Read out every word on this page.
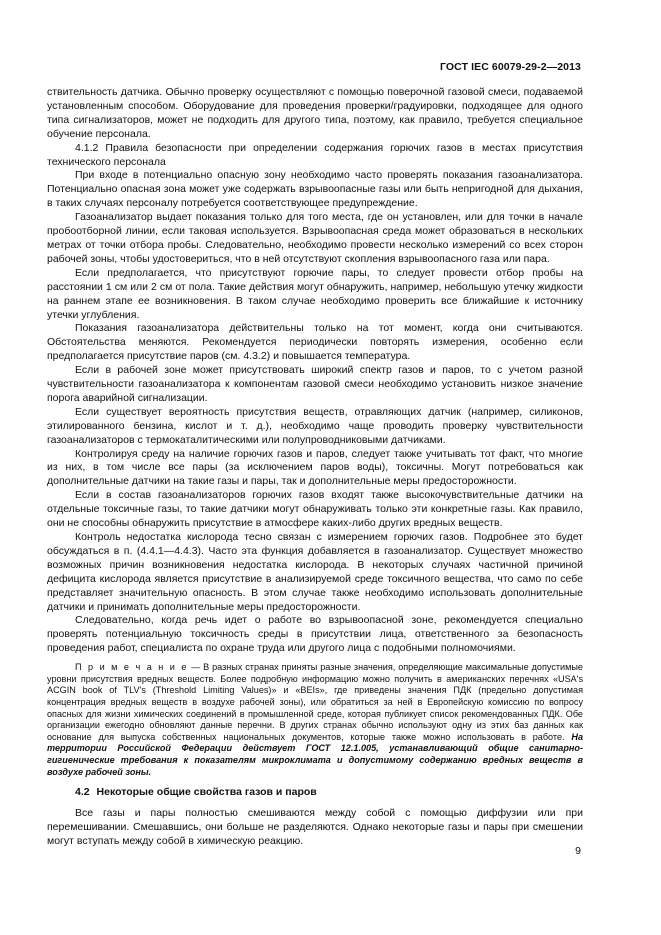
ГОСТ IEC 60079-29-2—2013

ствительность датчика. Обычно проверку осуществляют с помощью поверочной газовой смеси, подаваемой установленным способом. Оборудование для проведения проверки/градуировки, подходящее для одного типа сигнализаторов, может не подходить для другого типа, поэтому, как правило, требуется специальное обучение персонала.

4.1.2 Правила безопасности при определении содержания горючих газов в местах присутствия технического персонала

При входе в потенциально опасную зону необходимо часто проверять показания газоанализатора. Потенциально опасная зона может уже содержать взрывоопасные газы или быть непригодной для дыхания, в таких случаях персоналу потребуется соответствующее предупреждение.

Газоанализатор выдает показания только для того места, где он установлен, или для точки в начале пробоотборной линии, если таковая используется. Взрывоопасная среда может образоваться в нескольких метрах от точки отбора пробы. Следовательно, необходимо провести несколько измерений со всех сторон рабочей зоны, чтобы удостовериться, что в ней отсутствуют скопления взрывоопасного газа или пара.

Если предполагается, что присутствуют горючие пары, то следует провести отбор пробы на расстоянии 1 см или 2 см от пола. Такие действия могут обнаружить, например, небольшую утечку жидкости на раннем этапе ее возникновения. В таком случае необходимо проверить все ближайшие к источнику утечки углубления.

Показания газоанализатора действительны только на тот момент, когда они считываются. Обстоятельства меняются. Рекомендуется периодически повторять измерения, особенно если предполагается присутствие паров (см. 4.3.2) и повышается температура.

Если в рабочей зоне может присутствовать широкий спектр газов и паров, то с учетом разной чувствительности газоанализатора к компонентам газовой смеси необходимо установить низкое значение порога аварийной сигнализации.

Если существует вероятность присутствия веществ, отравляющих датчик (например, силиконов, этилированного бензина, кислот и т. д.), необходимо чаще проводить проверку чувствительности газоанализаторов с термокаталитическими или полупроводниковыми датчиками.

Контролируя среду на наличие горючих газов и паров, следует также учитывать тот факт, что многие из них, в том числе все пары (за исключением паров воды), токсичны. Могут потребоваться как дополнительные датчики на такие газы и пары, так и дополнительные меры предосторожности.

Если в состав газоанализаторов горючих газов входят также высокочувствительные датчики на отдельные токсичные газы, то такие датчики могут обнаруживать только эти конкретные газы. Как правило, они не способны обнаружить присутствие в атмосфере каких-либо других вредных веществ.

Контроль недостатка кислорода тесно связан с измерением горючих газов. Подробнее это будет обсуждаться в п. (4.4.1—4.4.3). Часто эта функция добавляется в газоанализатор. Существует множество возможных причин возникновения недостатка кислорода. В некоторых случаях частичной причиной дефицита кислорода является присутствие в анализируемой среде токсичного вещества, что само по себе представляет значительную опасность. В этом случае также необходимо использовать дополнительные датчики и принимать дополнительные меры предосторожности.

Следовательно, когда речь идет о работе во взрывоопасной зоне, рекомендуется специально проверять потенциальную токсичность среды в присутствии лица, ответственного за безопасность проведения работ, специалиста по охране труда или другого лица с подобными полномочиями.

П р и м е ч а н и е — В разных странах приняты разные значения, определяющие максимальные допустимые уровни присутствия вредных веществ. Более подробную информацию можно получить в американских перечнях «USA's ACGIN book of TLV's (Threshold Limiting Values)» и «BEIs», где приведены значения ПДК (предельно допустимая концентрация вредных веществ в воздухе рабочей зоны), или обратиться за ней в Европейскую комиссию по вопросу опасных для жизни химических соединений в промышленной среде, которая публикует список рекомендованных ПДК. Обе организации ежегодно обновляют данные перечни. В других странах обычно используют одну из этих баз данных как основание для выпуска собственных национальных документов, которые также можно использовать в работе. На территории Российской Федерации действует ГОСТ 12.1.005, устанавливающий общие санитарно-гигиенические требования к показателям микроклимата и допустимому содержанию вредных веществ в воздухе рабочей зоны.

4.2 Некоторые общие свойства газов и паров

Все газы и пары полностью смешиваются между собой с помощью диффузии или при перемешивании. Смешавшись, они больше не разделяются. Однако некоторые газы и пары при смешении могут вступать между собой в химическую реакцию.

9
